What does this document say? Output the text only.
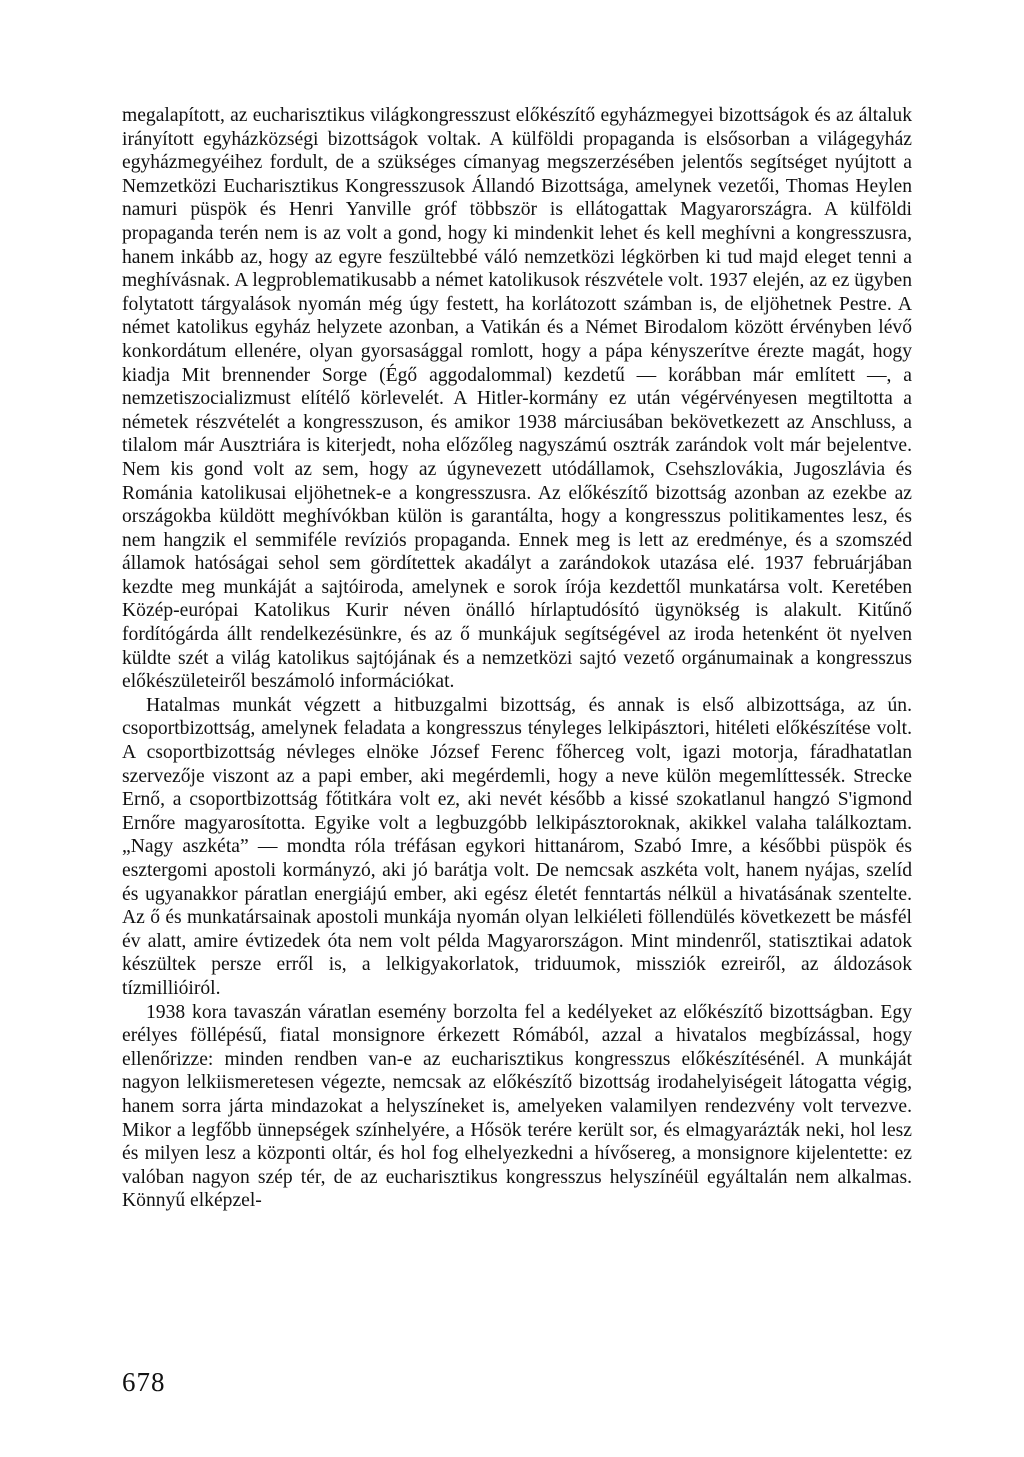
megalapított, az eucharisztikus világkongresszust előkészítő egyházmegyei bizottságok és az általuk irányított egyházközségi bizottságok voltak. A külföldi propaganda is elsősorban a világegyház egyházmegyéihez fordult, de a szükséges címanyag megszerzésében jelentős segítséget nyújtott a Nemzetközi Eucharisztikus Kongresszusok Állandó Bizottsága, amelynek vezetői, Thomas Heylen namuri püspök és Henri Yanville gróf többször is ellátogattak Magyarországra. A külföldi propaganda terén nem is az volt a gond, hogy ki mindenkit lehet és kell meghívni a kongresszusra, hanem inkább az, hogy az egyre feszültebbé váló nemzetközi légkörben ki tud majd eleget tenni a meghívásnak. A legproblematikusabb a német katolikusok részvétele volt. 1937 elején, az ez ügyben folytatott tárgyalások nyomán még úgy festett, ha korlátozott számban is, de eljöhetnek Pestre. A német katolikus egyház helyzete azonban, a Vatikán és a Német Birodalom között érvényben lévő konkordátum ellenére, olyan gyorsasággal romlott, hogy a pápa kényszerítve érezte magát, hogy kiadja Mit brennender Sorge (Égő aggodalommal) kezdetű — korábban már említett —, a nemzetiszocializmust elítélő körlevelét. A Hitler-kormány ez után végérvényesen megtiltotta a németek részvételét a kongresszuson, és amikor 1938 márciusában bekövetkezett az Anschluss, a tilalom már Ausztriára is kiterjedt, noha előzőleg nagyszámú osztrák zarándok volt már bejelentve. Nem kis gond volt az sem, hogy az úgynevezett utódállamok, Csehszlovákia, Jugoszlávia és Románia katolikusai eljöhetnek-e a kongresszusra. Az előkészítő bizottság azonban az ezekbe az országokba küldött meghívókban külön is garantálta, hogy a kongresszus politikamentes lesz, és nem hangzik el semmiféle revíziós propaganda. Ennek meg is lett az eredménye, és a szomszéd államok hatóságai sehol sem gördítettek akadályt a zarándokok utazása elé. 1937 februárjában kezdte meg munkáját a sajtóiroda, amelynek e sorok írója kezdettől munkatársa volt. Keretében Közép-európai Katolikus Kurir néven önálló hírlaptudósító ügynökség is alakult. Kitűnő fordítógárda állt rendelkezésünkre, és az ő munkájuk segítségével az iroda hetenként öt nyelven küldte szét a világ katolikus sajtójának és a nemzetközi sajtó vezető orgánumainak a kongresszus előkészületeiről beszámoló információkat.

Hatalmas munkát végzett a hitbuzgalmi bizottság, és annak is első albizottsága, az ún. csoportbizottság, amelynek feladata a kongresszus tényleges lelkipásztori, hitéleti előkészítése volt. A csoportbizottság névleges elnöke József Ferenc főherceg volt, igazi motorja, fáradhatatlan szervezője viszont az a papi ember, aki megérdemli, hogy a neve külön megemlíttessék. Strecke Ernő, a csoportbizottság főtitkára volt ez, aki nevét később a kissé szokatlanul hangzó S'igmond Ernőre magyarosította. Egyike volt a legbuzgóbb lelkipásztoroknak, akikkel valaha találkoztam. „Nagy aszkéta” — mondta róla tréfásan egykori hittanárom, Szabó Imre, a későbbi püspök és esztergomi apostoli kormányzó, aki jó barátja volt. De nemcsak aszkéta volt, hanem nyájas, szelíd és ugyanakkor páratlan energiájú ember, aki egész életét fenntartás nélkül a hivatásának szentelte. Az ő és munkatársainak apostoli munkája nyomán olyan lelkiéleti föllendülés következett be másfél év alatt, amire évtizedek óta nem volt példa Magyarországon. Mint mindenről, statisztikai adatok készültek persze erről is, a lelkigyakorlatok, triduumok, missziók ezreiről, az áldozások tízmillióiról.

1938 kora tavaszán váratlan esemény borzolta fel a kedélyeket az előkészítő bizottságban. Egy erélyes föllépésű, fiatal monsignore érkezett Rómából, azzal a hivatalos megbízással, hogy ellenőrizze: minden rendben van-e az eucharisztikus kongresszus előkészítésénél. A munkáját nagyon lelkiismeretesen végezte, nemcsak az előkészítő bizottság irodahelyiségeit látogatta végig, hanem sorra járta mindazokat a helyszíneket is, amelyeken valamilyen rendezvény volt tervezve. Mikor a legfőbb ünnepségek színhelyére, a Hősök terére került sor, és elmagyarázták neki, hol lesz és milyen lesz a központi oltár, és hol fog elhelyezkedni a hívősereg, a monsignore kijelentette: ez valóban nagyon szép tér, de az eucharisztikus kongresszus helyszínéül egyáltalán nem alkalmas. Könnyű elképzel-

678
